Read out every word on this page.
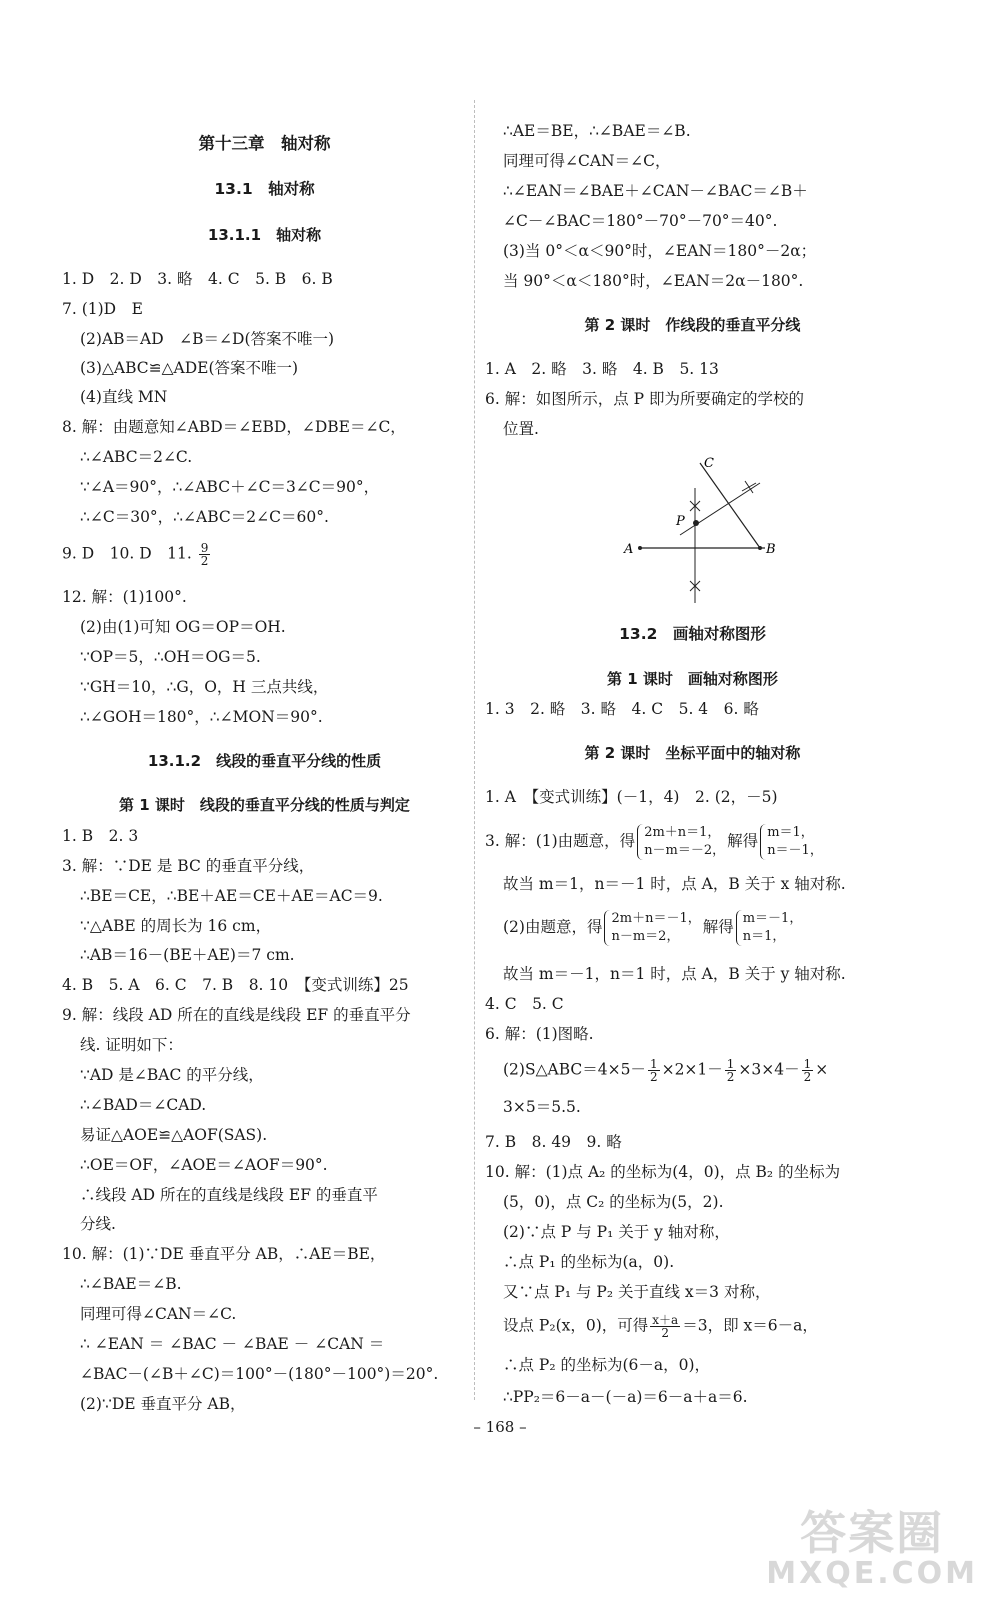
第十三章　轴对称
13.1　轴对称
13.1.1　轴对称
1. D　2. D　3. 略　4. C　5. B　6. B
7. (1)D　E
(2)AB＝AD　∠B＝∠D(答案不唯一)
(3)△ABC≌△ADE(答案不唯一)
(4)直线 MN
8. 解：由题意知∠ABD＝∠EBD，∠DBE＝∠C，
∴∠ABC＝2∠C.
∵∠A＝90°，∴∠ABC＋∠C＝3∠C＝90°，
∴∠C＝30°，∴∠ABC＝2∠C＝60°.
9. D　10. D　11. $\frac{9}{2}$
12. 解：(1)100°.
(2)由(1)可知 OG＝OP＝OH.
∵OP＝5，∴OH＝OG＝5.
∵GH＝10，∴G，O，H 三点共线，
∴∠GOH＝180°，∴∠MON＝90°.
13.1.2　线段的垂直平分线的性质
第 1 课时　线段的垂直平分线的性质与判定
1. B　2. 3
3. 解：∵DE 是 BC 的垂直平分线，
∴BE＝CE，∴BE＋AE＝CE＋AE＝AC＝9.
∵△ABE 的周长为 16 cm，
∴AB＝16－(BE＋AE)＝7 cm.
4. B　5. A　6. C　7. B　8. 10　【变式训练】25
9. 解：线段 AD 所在的直线是线段 EF 的垂直平分
线. 证明如下：
∵AD 是∠BAC 的平分线，
∴∠BAD＝∠CAD.
易证△AOE≌△AOF(SAS).
∴OE＝OF，∠AOE＝∠AOF＝90°.
∴线段 AD 所在的直线是线段 EF 的垂直平
分线.
10. 解：(1)∵DE 垂直平分 AB，∴AE＝BE，
∴∠BAE＝∠B.
同理可得∠CAN＝∠C.
∴ ∠EAN ＝ ∠BAC － ∠BAE － ∠CAN ＝
∠BAC－(∠B＋∠C)＝100°－(180°－100°)＝20°.
(2)∵DE 垂直平分 AB，
∴AE＝BE，∴∠BAE＝∠B.
同理可得∠CAN＝∠C，
∴∠EAN＝∠BAE＋∠CAN－∠BAC＝∠B＋
∠C－∠BAC＝180°－70°－70°＝40°.
(3)当 0°＜α＜90°时，∠EAN＝180°－2α；
当 90°＜α＜180°时，∠EAN＝2α－180°.
第 2 课时　作线段的垂直平分线
1. A　2. 略　3. 略　4. B　5. 13
6. 解：如图所示，点 P 即为所要确定的学校的
位置.
C
P
A	B
13.2　画轴对称图形
第 1 课时　画轴对称图形
1. 3　2. 略　3. 略　4. C　5. 4　6. 略
第 2 课时　坐标平面中的轴对称
1. A　【变式训练】(－1，4)　2. (2，－5)
3. 解：(1)由题意，得 2m＋n＝1，
n－m＝－2，
解得 m＝1，
n＝－1，
故当 m＝1，n＝－1 时，点 A，B 关于 x 轴对称.
(2)由题意，得 2m＋n＝－1，
n－m＝2，
解得 m＝－1，
n＝1，
故当 m＝－1，n＝1 时，点 A，B 关于 y 轴对称.
4. C　5. C
6. 解：(1)图略.
(2)S△ABC＝4×5－ $\frac{1}{2} \times 2\times 1- \frac{1}{2} \times 3\times 4- \frac{1}{2}$ ×
3×5＝5.5.
7. B　8. 49　9. 略
10. 解：(1)点 A₂ 的坐标为(4，0)，点 B₂ 的坐标为
(5，0)，点 C₂ 的坐标为(5，2).
(2)∵点 P 与 P₁ 关于 y 轴对称，
∴点 P₁ 的坐标为(a，0).
又∵点 P₁ 与 P₂ 关于直线 x＝3 对称，
设点 P₂(x，0)，可得 $\frac{x+a}{2} =3$，即 x＝6－a，
∴点 P₂ 的坐标为(6－a，0)，
∴PP₂＝6－a－(－a)＝6－a＋a＝6.
– 168 –
答案圈
MXQE.COM
